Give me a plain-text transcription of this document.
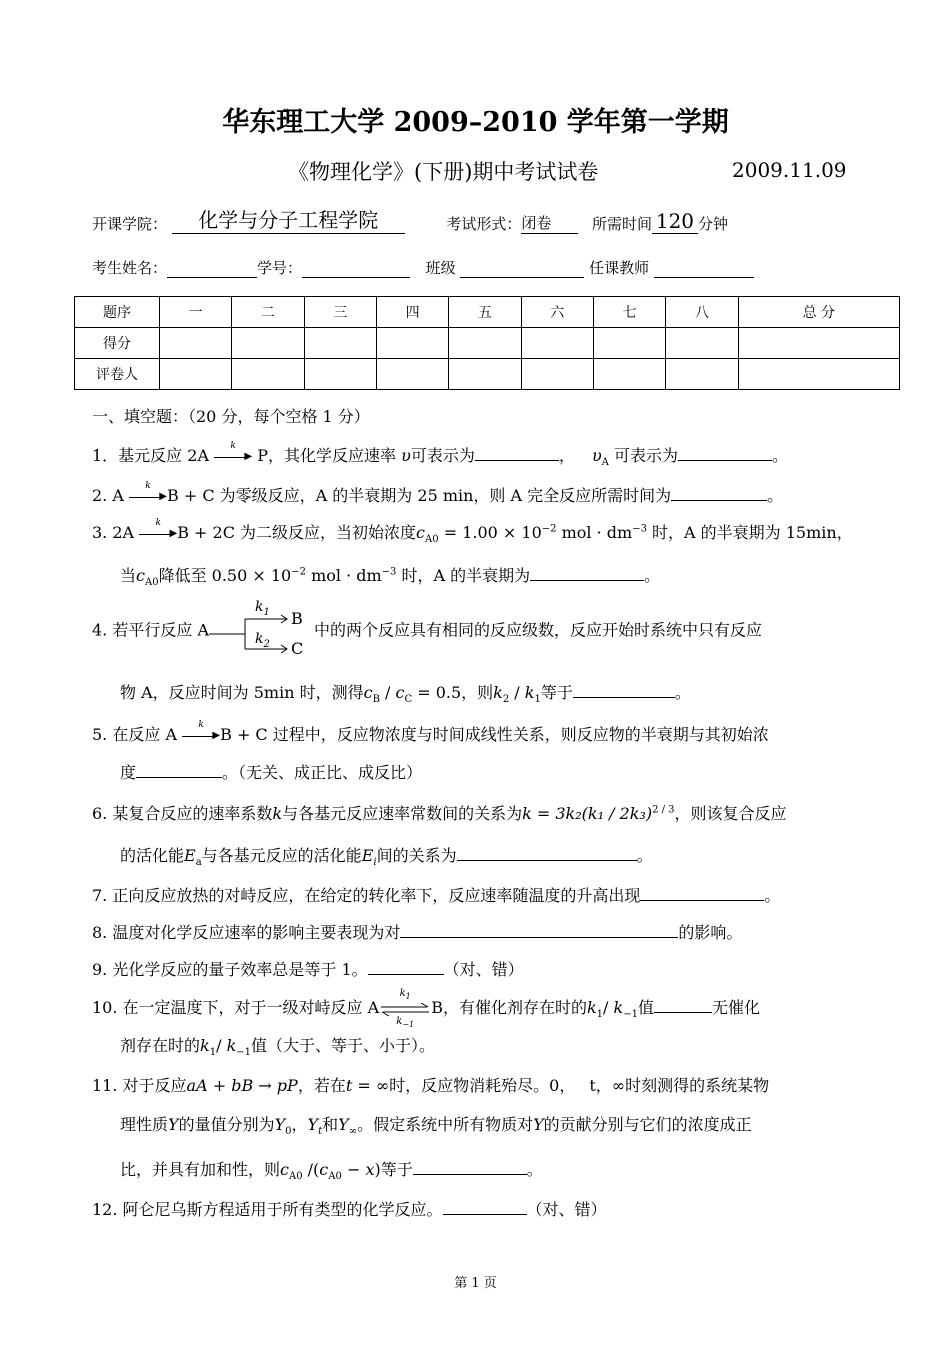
华东理工大学 2009–2010 学年第一学期
《物理化学》(下册)期中考试试卷	2009.11.09
开课学院： 化学与分子工程学院	考试形式：闭卷	所需时间 120 分钟
考生姓名：	学号：	班级	任课教师
题序	一	二	三	四	五	六	七	八	总 分
得分									
评卷人									
一、填空题：（20 分，每个空格 1 分）
1．基元反应 2A
k
▶ P，其化学反应速率 υ可表示为	， $\upsilon_A$ 可表示为	。
2. A
k
▶ B + C 为零级反应，A 的半衰期为 25 min，则 A 完全反应所需时间为	。
3. 2A
k
▶ B + 2C 为二级反应，当初始浓度$c_{A0} = 1.00 \times 10^{-2}$ mol · $dm^{-3}$ 时，A 的半衰期为 15min，
当$c_{A0}$降低至 $0.50 \times 10^{-2}$ mol · $dm^{-3}$ 时，A 的半衰期为	。
4. 若平行反应 A
$k_1$
$k_2$
B
C
中的两个反应具有相同的反应级数，反应开始时系统中只有反应
物 A，反应时间为 5min 时，测得$c_B / c_C = 0.5$，则$k_2 / k_1$等于	。
5. 在反应 A
k
▶ B + C 过程中，反应物浓度与时间成线性关系，则反应物的半衰期与其初始浓
度	。（无关、成正比、成反比）
6. 某复合反应的速率系数k与各基元反应速率常数间的关系为k = 3k₂(k₁ / 2k₃)$^{2 / 3}$，则该复合反应
的活化能$E_a$与各基元反应的活化能$E_i$间的关系为	。
7. 正向反应放热的对峙反应，在给定的转化率下，反应速率随温度的升高出现	。
8. 温度对化学反应速率的影响主要表现为对	的影响。
9. 光化学反应的量子效率总是等于 1。	（对、错）
10. 在一定温度下，对于一级对峙反应 A
$k_1$
$k_{-1}$
B，有催化剂存在时的$k_1/$ $k_{-1}$值	无催化
剂存在时的$k_1/$ $k_{-1}$值（大于、等于、小于）。
11. 对于反应aA + bB → pP，若在t = ∞时，反应物消耗殆尽。0， t，∞时刻测得的系统某物
理性质Y的量值分别为$Y_0$，$Y_t$和$Y_\infty$。假定系统中所有物质对Y的贡献分别与它们的浓度成正
比，并具有加和性，则$c_{A0}$ $/(c_{A0} - x)$等于	。
12. 阿仑尼乌斯方程适用于所有类型的化学反应。	（对、错）
第 1 页
